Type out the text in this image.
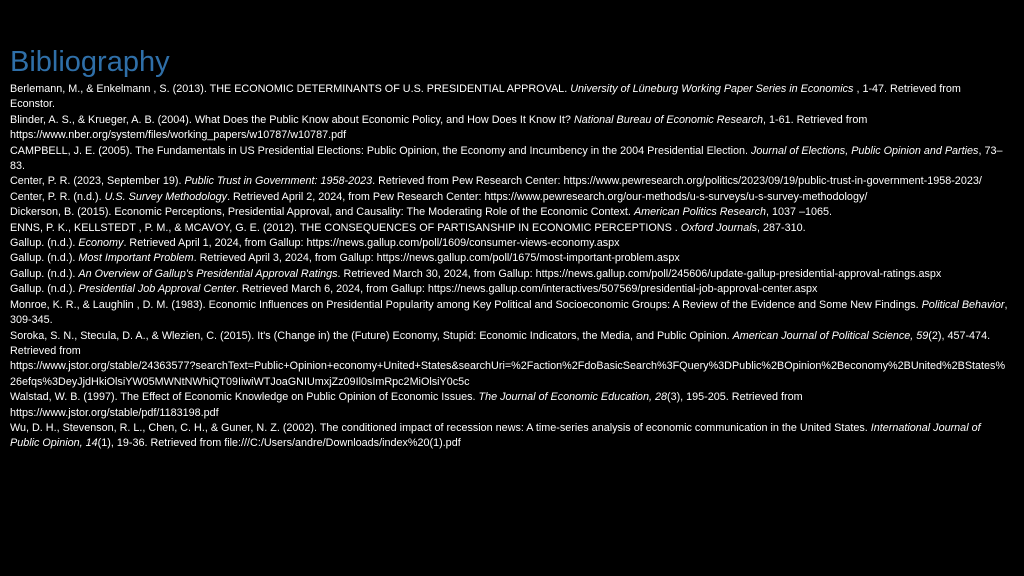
Bibliography
Berlemann, M., & Enkelmann , S. (2013). THE ECONOMIC DETERMINANTS OF U.S. PRESIDENTIAL APPROVAL. University of Lüneburg Working Paper Series in Economics , 1-47. Retrieved from Econstor.
Blinder, A. S., & Krueger, A. B. (2004). What Does the Public Know about Economic Policy, and How Does It Know It? National Bureau of Economic Research, 1-61. Retrieved from https://www.nber.org/system/files/working_papers/w10787/w10787.pdf
CAMPBELL, J. E. (2005). The Fundamentals in US Presidential Elections: Public Opinion, the Economy and Incumbency in the 2004 Presidential Election. Journal of Elections, Public Opinion and Parties, 73–83.
Center, P. R. (2023, September 19). Public Trust in Government: 1958-2023. Retrieved from Pew Research Center: https://www.pewresearch.org/politics/2023/09/19/public-trust-in-government-1958-2023/
Center, P. R. (n.d.). U.S. Survey Methodology. Retrieved April 2, 2024, from Pew Research Center: https://www.pewresearch.org/our-methods/u-s-surveys/u-s-survey-methodology/
Dickerson, B. (2015). Economic Perceptions, Presidential Approval, and Causality: The Moderating Role of the Economic Context. American Politics Research, 1037 –1065.
ENNS, P. K., KELLSTEDT , P. M., & MCAVOY, G. E. (2012). THE CONSEQUENCES OF PARTISANSHIP IN ECONOMIC PERCEPTIONS . Oxford Journals, 287-310.
Gallup. (n.d.). Economy. Retrieved April 1, 2024, from Gallup: https://news.gallup.com/poll/1609/consumer-views-economy.aspx
Gallup. (n.d.). Most Important Problem. Retrieved April 3, 2024, from Gallup: https://news.gallup.com/poll/1675/most-important-problem.aspx
Gallup. (n.d.). An Overview of Gallup's Presidential Approval Ratings. Retrieved March 30, 2024, from Gallup: https://news.gallup.com/poll/245606/update-gallup-presidential-approval-ratings.aspx
Gallup. (n.d.). Presidential Job Approval Center. Retrieved March 6, 2024, from Gallup: https://news.gallup.com/interactives/507569/presidential-job-approval-center.aspx
Monroe, K. R., & Laughlin , D. M. (1983). Economic Influences on Presidential Popularity among Key Political and Socioeconomic Groups: A Review of the Evidence and Some New Findings. Political Behavior, 309-345.
Soroka, S. N., Stecula, D. A., & Wlezien, C. (2015). It's (Change in) the (Future) Economy, Stupid: Economic Indicators, the Media, and Public Opinion. American Journal of Political Science, 59(2), 457-474. Retrieved from
https://www.jstor.org/stable/24363577?searchText=Public+Opinion+economy+United+States&searchUri=%2Faction%2FdoBasicSearch%3FQuery%3DPublic%2BOpinion%2Beconomy%2BUnited%2BStates%26efqs%3DeyJjdHkiOlsiYW05MWNtNWhiQT09IiwiWTJoaGNIUmxjZz09Il0sImRpc2MiOlsiY0c5c
Walstad, W. B. (1997). The Effect of Economic Knowledge on Public Opinion of Economic Issues. The Journal of Economic Education, 28(3), 195-205. Retrieved from https://www.jstor.org/stable/pdf/1183198.pdf
Wu, D. H., Stevenson, R. L., Chen, C. H., & Guner, N. Z. (2002). The conditioned impact of recession news: A time-series analysis of economic communication in the United States. International Journal of Public Opinion, 14(1), 19-36. Retrieved from file:///C:/Users/andre/Downloads/index%20(1).pdf
